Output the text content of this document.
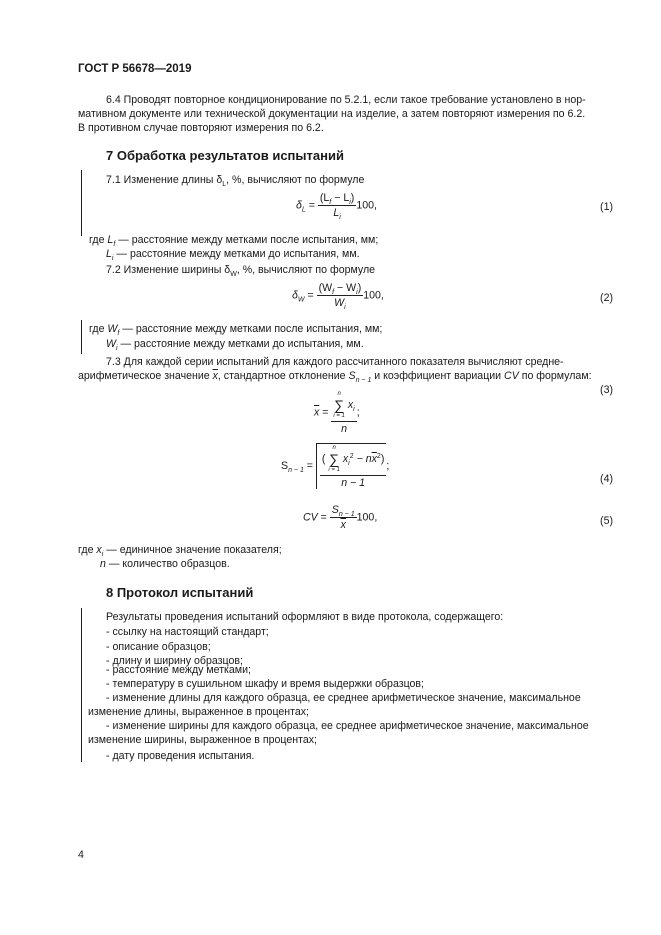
ГОСТ Р 56678—2019
6.4 Проводят повторное кондиционирование по 5.2.1, если такое требование установлено в нор-
мативном документе или технической документации на изделие, а затем повторяют измерения по 6.2.
В противном случае повторяют измерения по 6.2.
7 Обработка результатов испытаний
7.1 Изменение длины $\delta_L$, %, вычисляют по формуле
$\delta_L = \frac{(L_f - L_i)}{L_i} 100$,	(1)
где $L_f$ — расстояние между метками после испытания, мм;
$L_i$ — расстояние между метками до испытания, мм.
7.2 Изменение ширины $\delta_W$, %, вычисляют по формуле
$\delta_W = \frac{(W_f - W_i)}{W_i} 100$,	(2)
где $W_f$ — расстояние между метками после испытания, мм;
$W_i$ — расстояние между метками до испытания, мм.
7.3 Для каждой серии испытаний для каждого рассчитанного показателя вычисляют средне-
арифметическое значение $\overline{x}$, стандартное отклонение $S_{n - 1}$ и коэффициент вариации CV по формулам:
$\overline{x} = n$
∑
i = 1
$x_i$
n ;
(3)
$S_{n - 1}$ = (
n
∑
i = 1
$x_i^2 - n\overline{x}^2$)
n − 1 ;
(4)
CV = $\frac{S_{n - 1}}{x} 100$,	(5)
где $x_i$ — единичное значение показателя;
n — количество образцов.
8 Протокол испытаний
Результаты проведения испытаний оформляют в виде протокола, содержащего:
- ссылку на настоящий стандарт;
- описание образцов;
- длину и ширину образцов;
- расстояние между метками;
- температуру в сушильном шкафу и время выдержки образцов;
- изменение длины для каждого образца, ее среднее арифметическое значение, максимальное
изменение длины, выраженное в процентах;
- изменение ширины для каждого образца, ее среднее арифметическое значение, максимальное
изменение ширины, выраженное в процентах;
- дату проведения испытания.
4
